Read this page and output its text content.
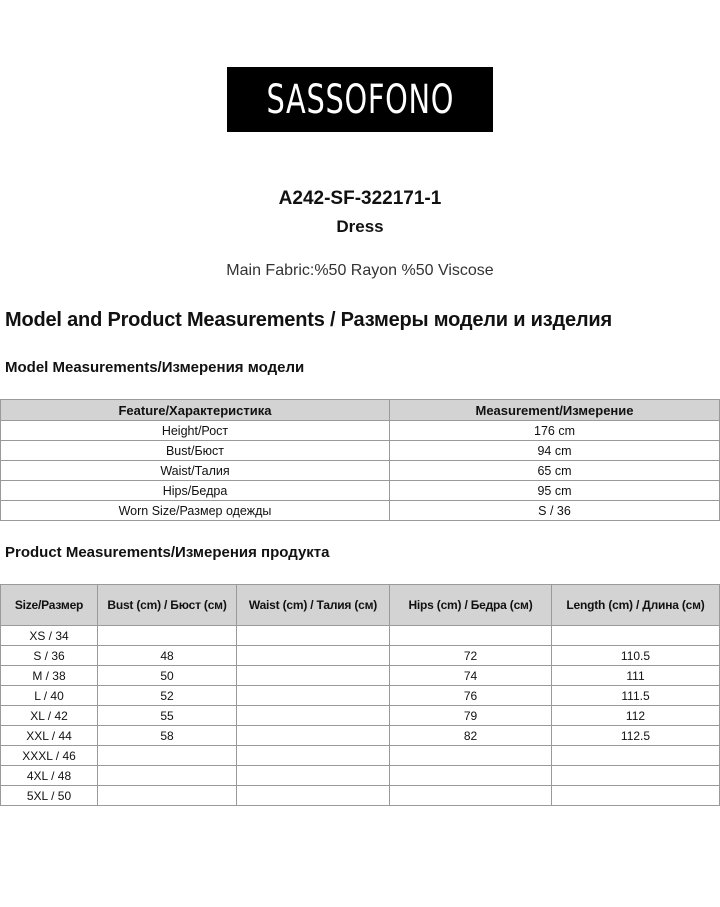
SASSOFONO
A242-SF-322171-1
Dress
Main Fabric:%50 Rayon %50 Viscose
Model and Product Measurements / Размеры модели и изделия
Model Measurements/Измерения модели
Feature/Характеристика	Measurement/Измерение
Height/Рост	176 cm
Bust/Бюст	94 cm
Waist/Талия	65 cm
Hips/Бедра	95 cm
Worn Size/Размер одежды	S / 36
Product Measurements/Измерения продукта
Size/Размер	Bust (cm) / Бюст (см)	Waist (cm) / Талия (см)	Hips (cm) / Бедра (см)	Length (cm) / Длина (см)
XS / 34				
S / 36	48		72	110.5
M / 38	50		74	111
L / 40	52		76	111.5
XL / 42	55		79	112
XXL / 44	58		82	112.5
XXXL / 46				
4XL / 48				
5XL / 50				
